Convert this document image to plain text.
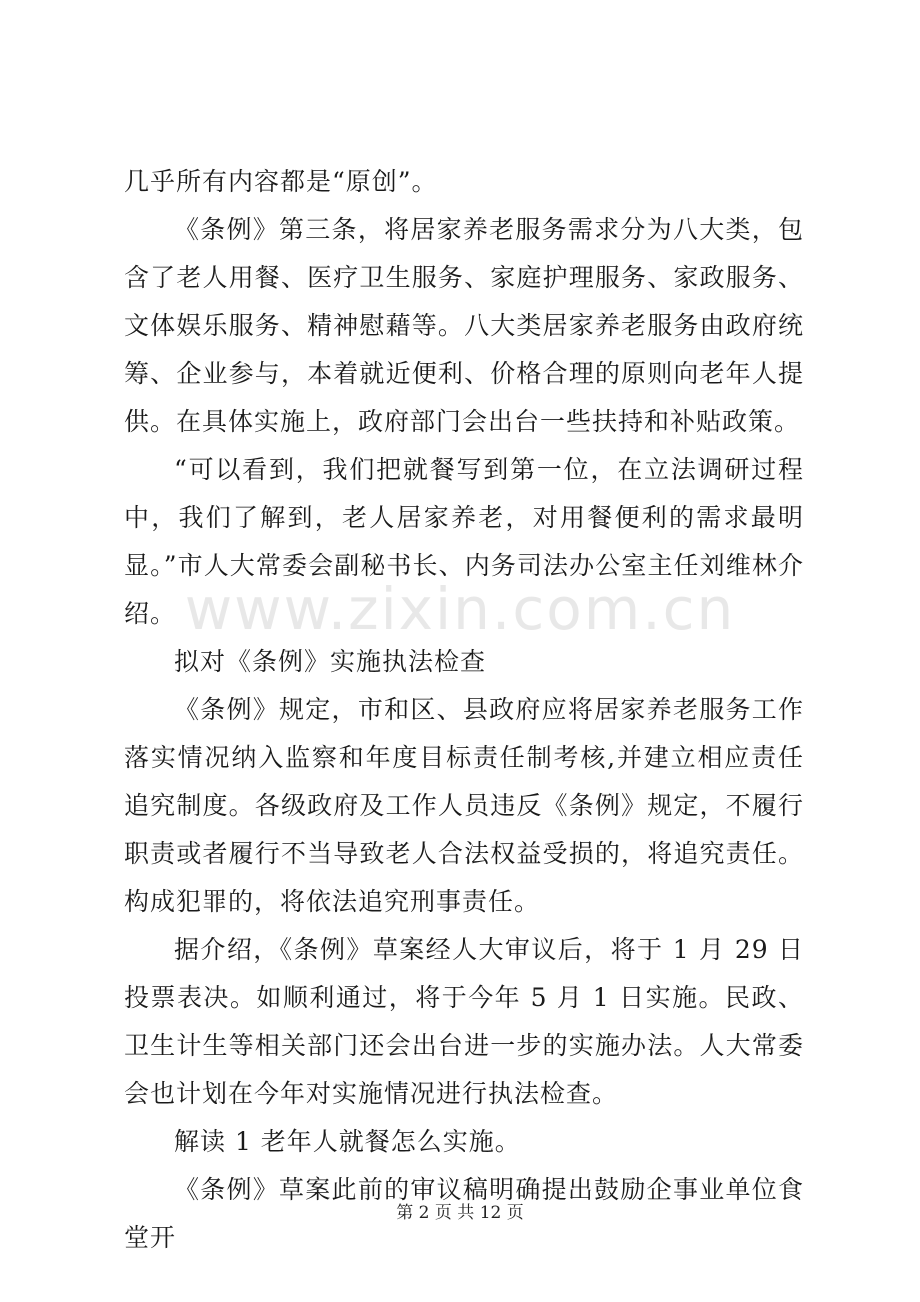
www.zixin.com.cn

几乎所有内容都是“原创”。

《条例》第三条，将居家养老服务需求分为八大类，包含了老人用餐、医疗卫生服务、家庭护理服务、家政服务、文体娱乐服务、精神慰藉等。八大类居家养老服务由政府统筹、企业参与，本着就近便利、价格合理的原则向老年人提供。在具体实施上，政府部门会出台一些扶持和补贴政策。

“可以看到，我们把就餐写到第一位，在立法调研过程中，我们了解到，老人居家养老，对用餐便利的需求最明显。”市人大常委会副秘书长、内务司法办公室主任刘维林介绍。

拟对《条例》实施执法检查

《条例》规定，市和区、县政府应将居家养老服务工作落实情况纳入监察和年度目标责任制考核,并建立相应责任追究制度。各级政府及工作人员违反《条例》规定，不履行职责或者履行不当导致老人合法权益受损的，将追究责任。构成犯罪的，将依法追究刑事责任。

据介绍，《条例》草案经人大审议后，将于 1 月 29 日投票表决。如顺利通过，将于今年 5 月 1 日实施。民政、卫生计生等相关部门还会出台进一步的实施办法。人大常委会也计划在今年对实施情况进行执法检查。

解读 1 老年人就餐怎么实施。

《条例》草案此前的审议稿明确提出鼓励企事业单位食堂开

第 2 页 共 12 页
